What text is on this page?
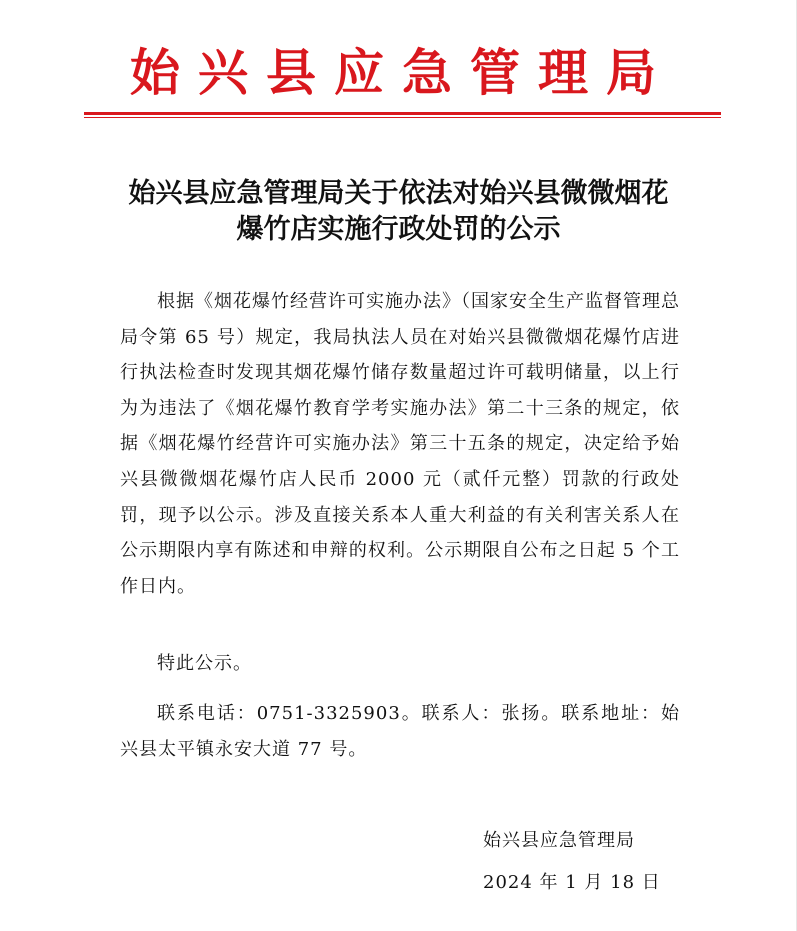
始兴县应急管理局
始兴县应急管理局关于依法对始兴县微微烟花
爆竹店实施行政处罚的公示
根据《烟花爆竹经营许可实施办法》（国家安全生产监督管理总局令第 65 号）规定，我局执法人员在对始兴县微微烟花爆竹店进行执法检查时发现其烟花爆竹储存数量超过许可载明储量，以上行为为违法了《烟花爆竹教育学考实施办法》第二十三条的规定，依据《烟花爆竹经营许可实施办法》第三十五条的规定，决定给予始兴县微微烟花爆竹店人民币 2000 元（贰仟元整）罚款的行政处罚，现予以公示。涉及直接关系本人重大利益的有关利害关系人在公示期限内享有陈述和申辩的权利。公示期限自公布之日起 5 个工作日内。
特此公示。
联系电话：0751-3325903。联系人：张扬。联系地址：始兴县太平镇永安大道 77 号。
始兴县应急管理局
2024 年 1 月 18 日
